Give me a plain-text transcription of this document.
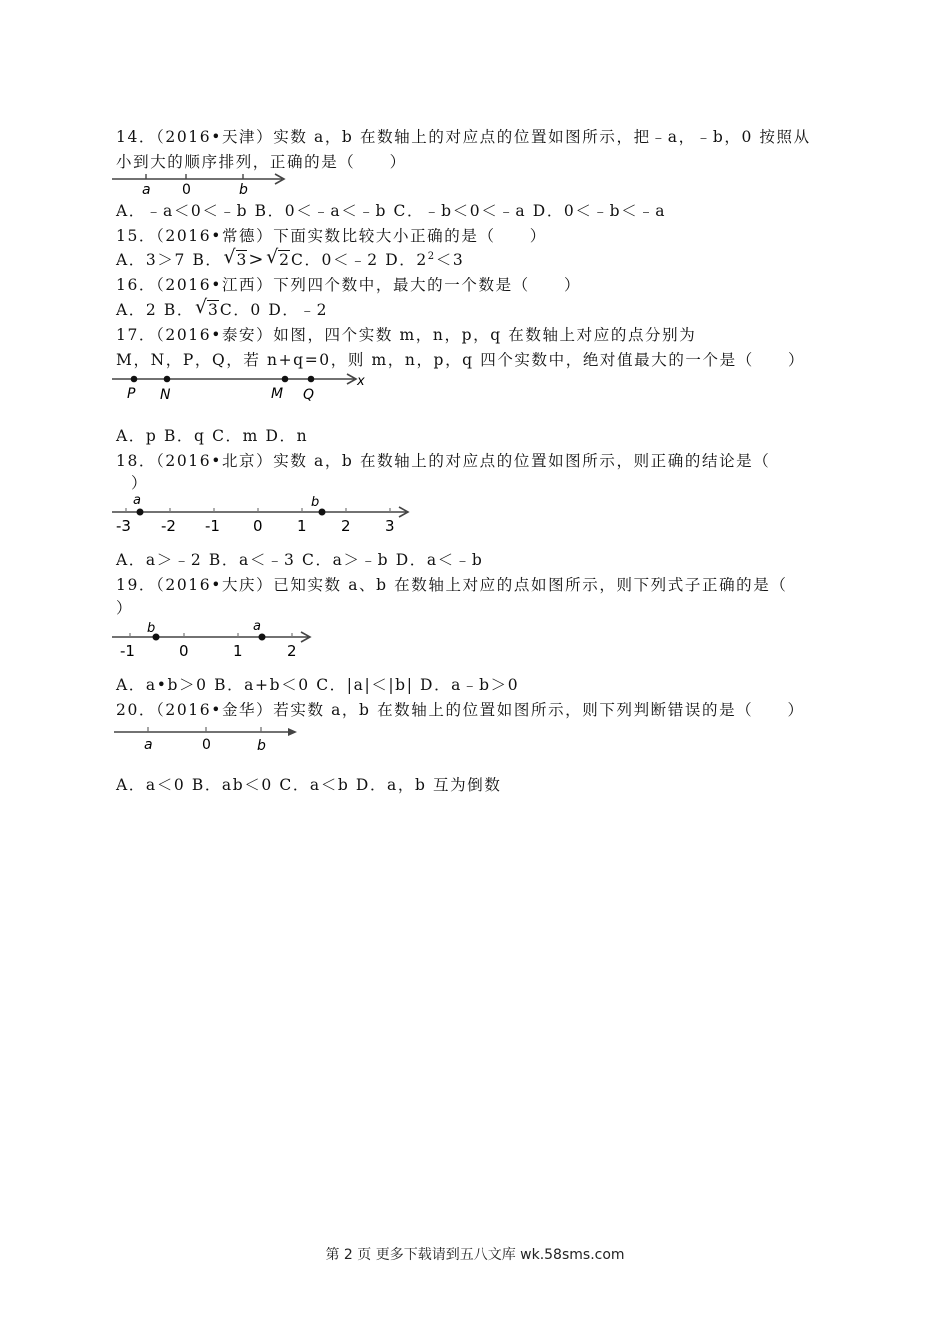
14．（2016•天津）实数 a，b 在数轴上的对应点的位置如图所示，把﹣a，﹣b，0 按照从
小到大的顺序排列，正确的是（　　）
a 0	b
A．﹣a＜0＜﹣b B．0＜﹣a＜﹣b C．﹣b＜0＜﹣a D．0＜﹣b＜﹣a
15．（2016•常德）下面实数比较大小正确的是（　　）
A．3＞7 B． √ 3 > √ 2 C．0＜﹣2 D．$2^2<3$
16．（2016•江西）下列四个数中，最大的一个数是（　　）
A．2 B． √ 3 C．0 D．﹣2
17．（2016•泰安）如图，四个实数 m，n，p，q 在数轴上对应的点分别为
M，N，P，Q，若 n+q=0，则 m，n，p，q 四个实数中，绝对值最大的一个是（　　）
P N	M Q
x
A．p B．q C．m D．n
18．（2016•北京）实数 a，b 在数轴上的对应点的位置如图所示，则正确的结论是（
）
a	b
-3 -2 -1 0 1 2 3
A．a＞﹣2 B．a＜﹣3 C．a＞﹣b D．a＜﹣b
19．（2016•大庆）已知实数 a、b 在数轴上对应的点如图所示，则下列式子正确的是（
）
b	a
-1	0	1	2
A．a•b＞0 B．a+b＜0 C．|a|＜|b| D．a﹣b＞0
20．（2016•金华）若实数 a，b 在数轴上的位置如图所示，则下列判断错误的是（　　）
a	0	b
A．a＜0 B．ab＜0 C．a＜b D．a，b 互为倒数
第 2 页 更多下载请到五八文库 wk.58sms.com
